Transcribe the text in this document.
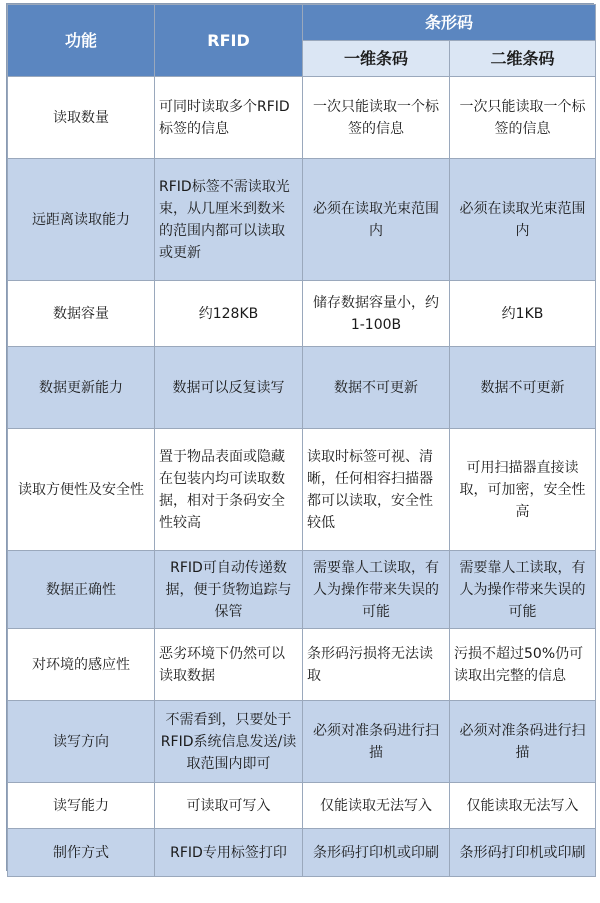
功能	RFID	条形码	
		一维条码	二维条码
读取数量	可同时读取多个RFID标签的信息	一次只能读取一个标签的信息	一次只能读取一个标签的信息
远距离读取能力	RFID标签不需读取光束，从几厘米到数米的范围内都可以读取或更新	必须在读取光束范围内	必须在读取光束范围内
数据容量	约128KB	储存数据容量小，约1-100B	约1KB
数据更新能力	数据可以反复读写	数据不可更新	数据不可更新
读取方便性及安全性	置于物品表面或隐藏在包装内均可读取数据，相对于条码安全性较高	读取时标签可视、清晰，任何相容扫描器都可以读取，安全性较低	可用扫描器直接读取，可加密，安全性高
数据正确性	RFID可自动传递数据，便于货物追踪与保管	需要靠人工读取，有人为操作带来失误的可能	需要靠人工读取，有人为操作带来失误的可能
对环境的感应性	恶劣环境下仍然可以读取数据	条形码污损将无法读取	污损不超过50%仍可读取出完整的信息
读写方向	不需看到，只要处于RFID系统信息发送/读取范围内即可	必须对准条码进行扫描	必须对准条码进行扫描
读写能力	可读取可写入	仅能读取无法写入	仅能读取无法写入
制作方式	RFID专用标签打印	条形码打印机或印刷	条形码打印机或印刷
